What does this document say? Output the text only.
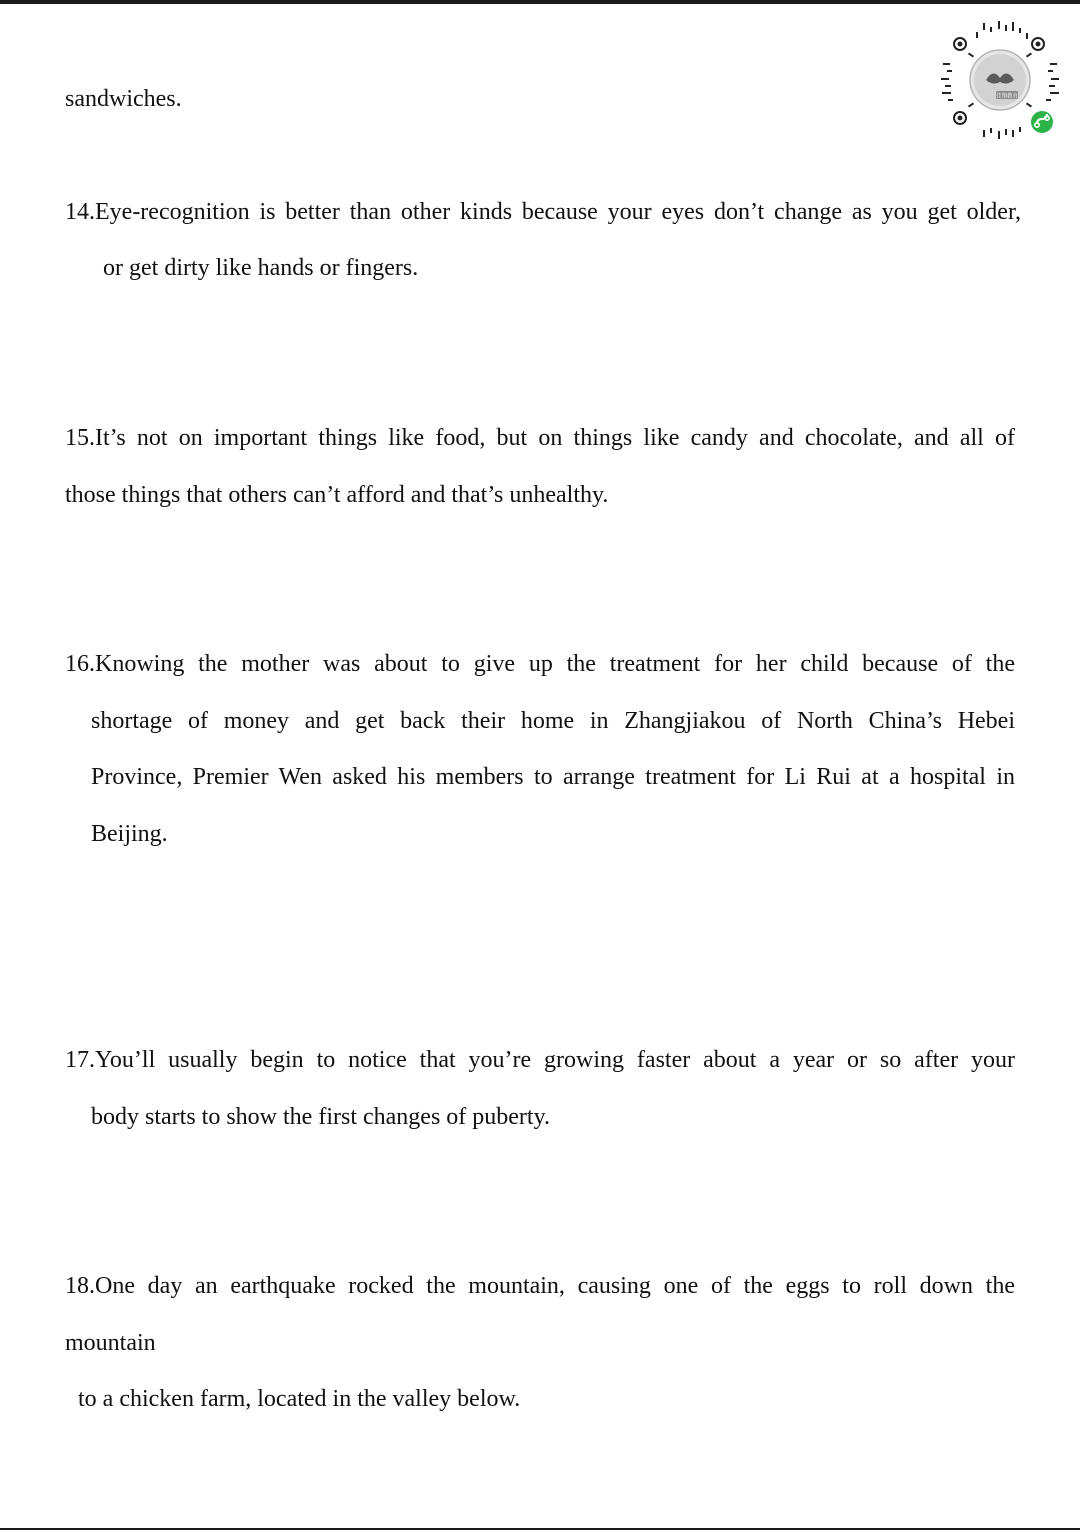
sandwiches.	佳翔教育
14.Eye-recognition is better than other kinds because your eyes don’t change as you get older,
or get dirty like hands or fingers.
15.It’s not on important things like food, but on things like candy and chocolate, and all of
those things that others can’t afford and that’s unhealthy.
16.Knowing the mother was about to give up the treatment for her child because of the
shortage of money and get back their home in Zhangjiakou of North China’s Hebei
Province, Premier Wen asked his members to arrange treatment for Li Rui at a hospital in
Beijing.
17.You’ll usually begin to notice that you’re growing faster about a year or so after your
body starts to show the first changes of puberty.
18.One day an earthquake rocked the mountain, causing one of the eggs to roll down the
mountain
to a chicken farm, located in the valley below.
